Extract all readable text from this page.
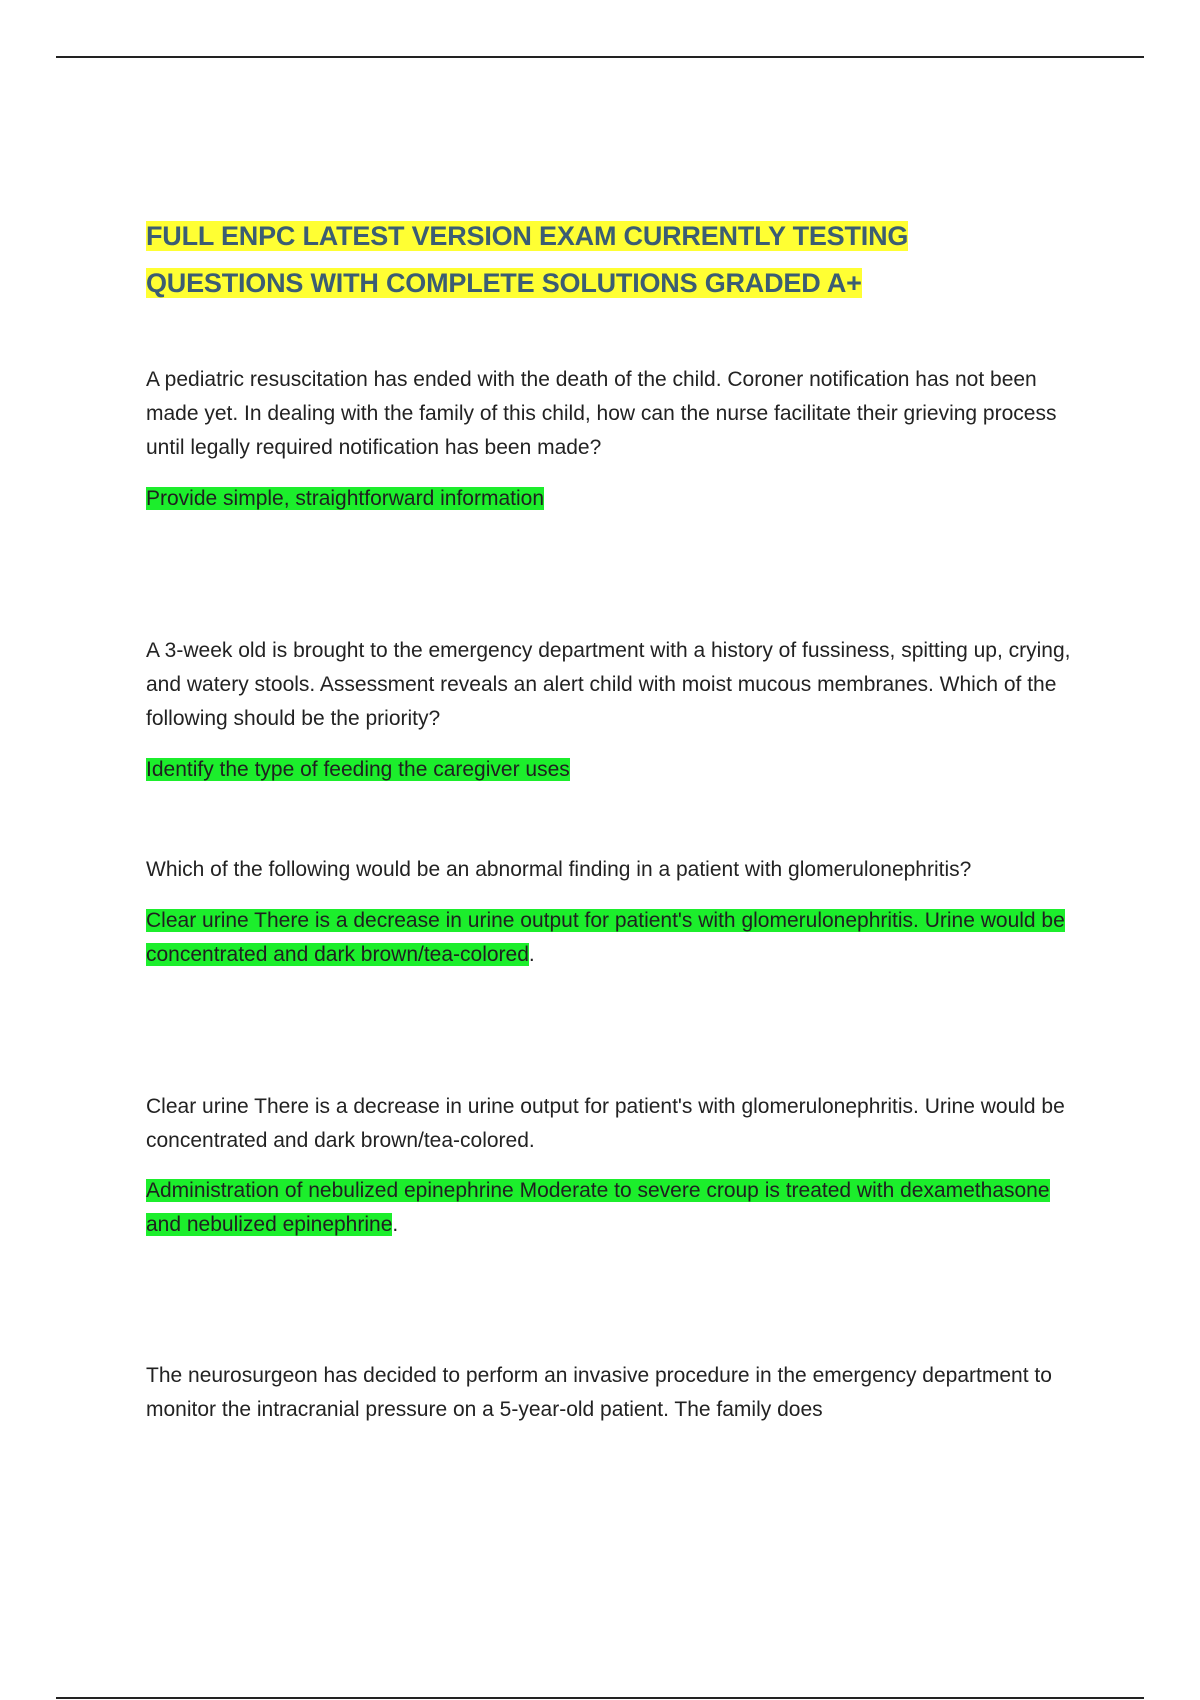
FULL ENPC LATEST VERSION EXAM CURRENTLY TESTING
QUESTIONS WITH COMPLETE SOLUTIONS GRADED A+
A pediatric resuscitation has ended with the death of the child. Coroner notification has not been made yet. In dealing with the family of this child, how can the nurse facilitate their grieving process until legally required notification has been made?
Provide simple, straightforward information
A 3-week old is brought to the emergency department with a history of fussiness, spitting up, crying, and watery stools. Assessment reveals an alert child with moist mucous membranes. Which of the following should be the priority?
Identify the type of feeding the caregiver uses
Which of the following would be an abnormal finding in a patient with glomerulonephritis?
Clear urine There is a decrease in urine output for patient's with glomerulonephritis. Urine would be concentrated and dark brown/tea-colored.
Clear urine There is a decrease in urine output for patient's with glomerulonephritis. Urine would be concentrated and dark brown/tea-colored.
Administration of nebulized epinephrine Moderate to severe croup is treated with dexamethasone and nebulized epinephrine.
The neurosurgeon has decided to perform an invasive procedure in the emergency department to monitor the intracranial pressure on a 5-year-old patient. The family does
